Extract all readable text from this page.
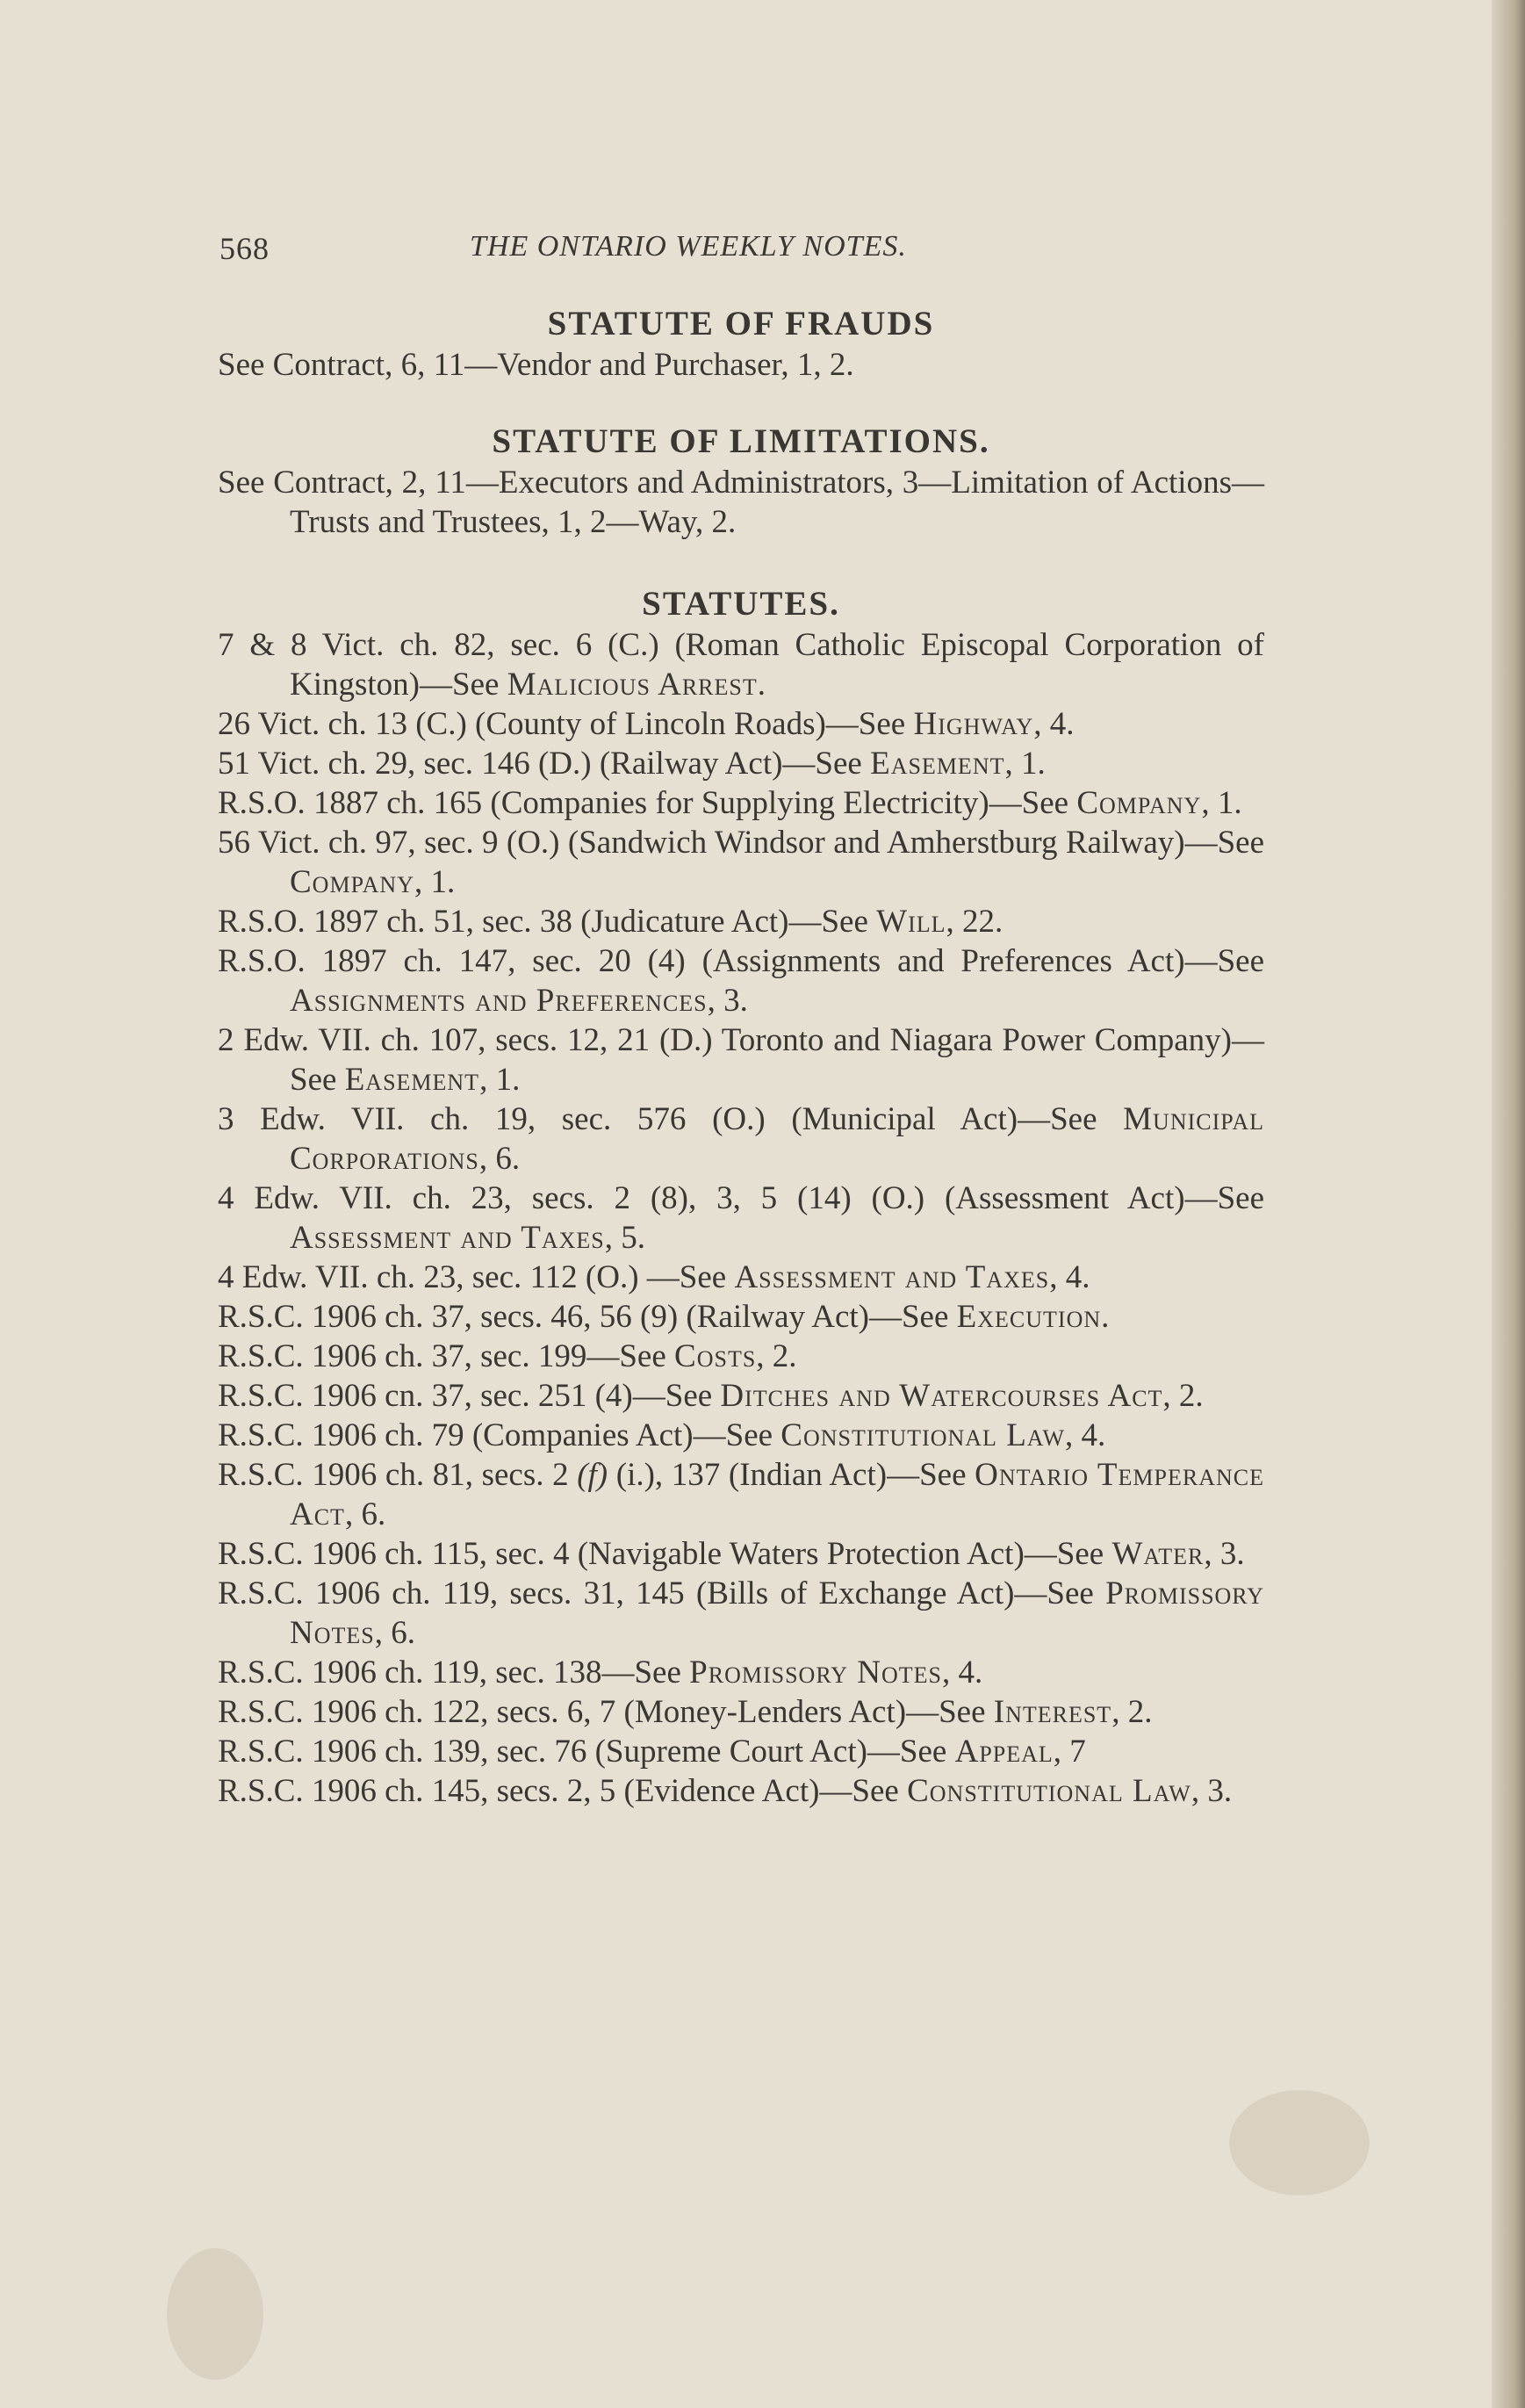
568	THE ONTARIO WEEKLY NOTES.
STATUTE OF FRAUDS
See Contract, 6, 11—Vendor and Purchaser, 1, 2.
STATUTE OF LIMITATIONS.
See Contract, 2, 11—Executors and Administrators, 3—Limitation of Actions—Trusts and Trustees, 1, 2—Way, 2.
STATUTES.
7 & 8 Vict. ch. 82, sec. 6 (C.) (Roman Catholic Episcopal Corporation of Kingston)—See Malicious Arrest.
26 Vict. ch. 13 (C.) (County of Lincoln Roads)—See Highway, 4.
51 Vict. ch. 29, sec. 146 (D.) (Railway Act)—See Easement, 1.
R.S.O. 1887 ch. 165 (Companies for Supplying Electricity)—See Company, 1.
56 Vict. ch. 97, sec. 9 (O.) (Sandwich Windsor and Amherstburg Railway)—See Company, 1.
R.S.O. 1897 ch. 51, sec. 38 (Judicature Act)—See Will, 22.
R.S.O. 1897 ch. 147, sec. 20 (4) (Assignments and Preferences Act)—See Assignments and Preferences, 3.
2 Edw. VII. ch. 107, secs. 12, 21 (D.) Toronto and Niagara Power Company)—See Easement, 1.
3 Edw. VII. ch. 19, sec. 576 (O.) (Municipal Act)—See Municipal Corporations, 6.
4 Edw. VII. ch. 23, secs. 2 (8), 3, 5 (14) (O.) (Assessment Act)—See Assessment and Taxes, 5.
4 Edw. VII. ch. 23, sec. 112 (O.) —See Assessment and Taxes, 4.
R.S.C. 1906 ch. 37, secs. 46, 56 (9) (Railway Act)—See Execution.
R.S.C. 1906 ch. 37, sec. 199—See Costs, 2.
R.S.C. 1906 cn. 37, sec. 251 (4)—See Ditches and Watercourses Act, 2.
R.S.C. 1906 ch. 79 (Companies Act)—See Constitutional Law, 4.
R.S.C. 1906 ch. 81, secs. 2 (f) (i.), 137 (Indian Act)—See Ontario Temperance Act, 6.
R.S.C. 1906 ch. 115, sec. 4 (Navigable Waters Protection Act)—See Water, 3.
R.S.C. 1906 ch. 119, secs. 31, 145 (Bills of Exchange Act)—See Promissory Notes, 6.
R.S.C. 1906 ch. 119, sec. 138—See Promissory Notes, 4.
R.S.C. 1906 ch. 122, secs. 6, 7 (Money-Lenders Act)—See Interest, 2.
R.S.C. 1906 ch. 139, sec. 76 (Supreme Court Act)—See Appeal, 7
R.S.C. 1906 ch. 145, secs. 2, 5 (Evidence Act)—See Constitutional Law, 3.
